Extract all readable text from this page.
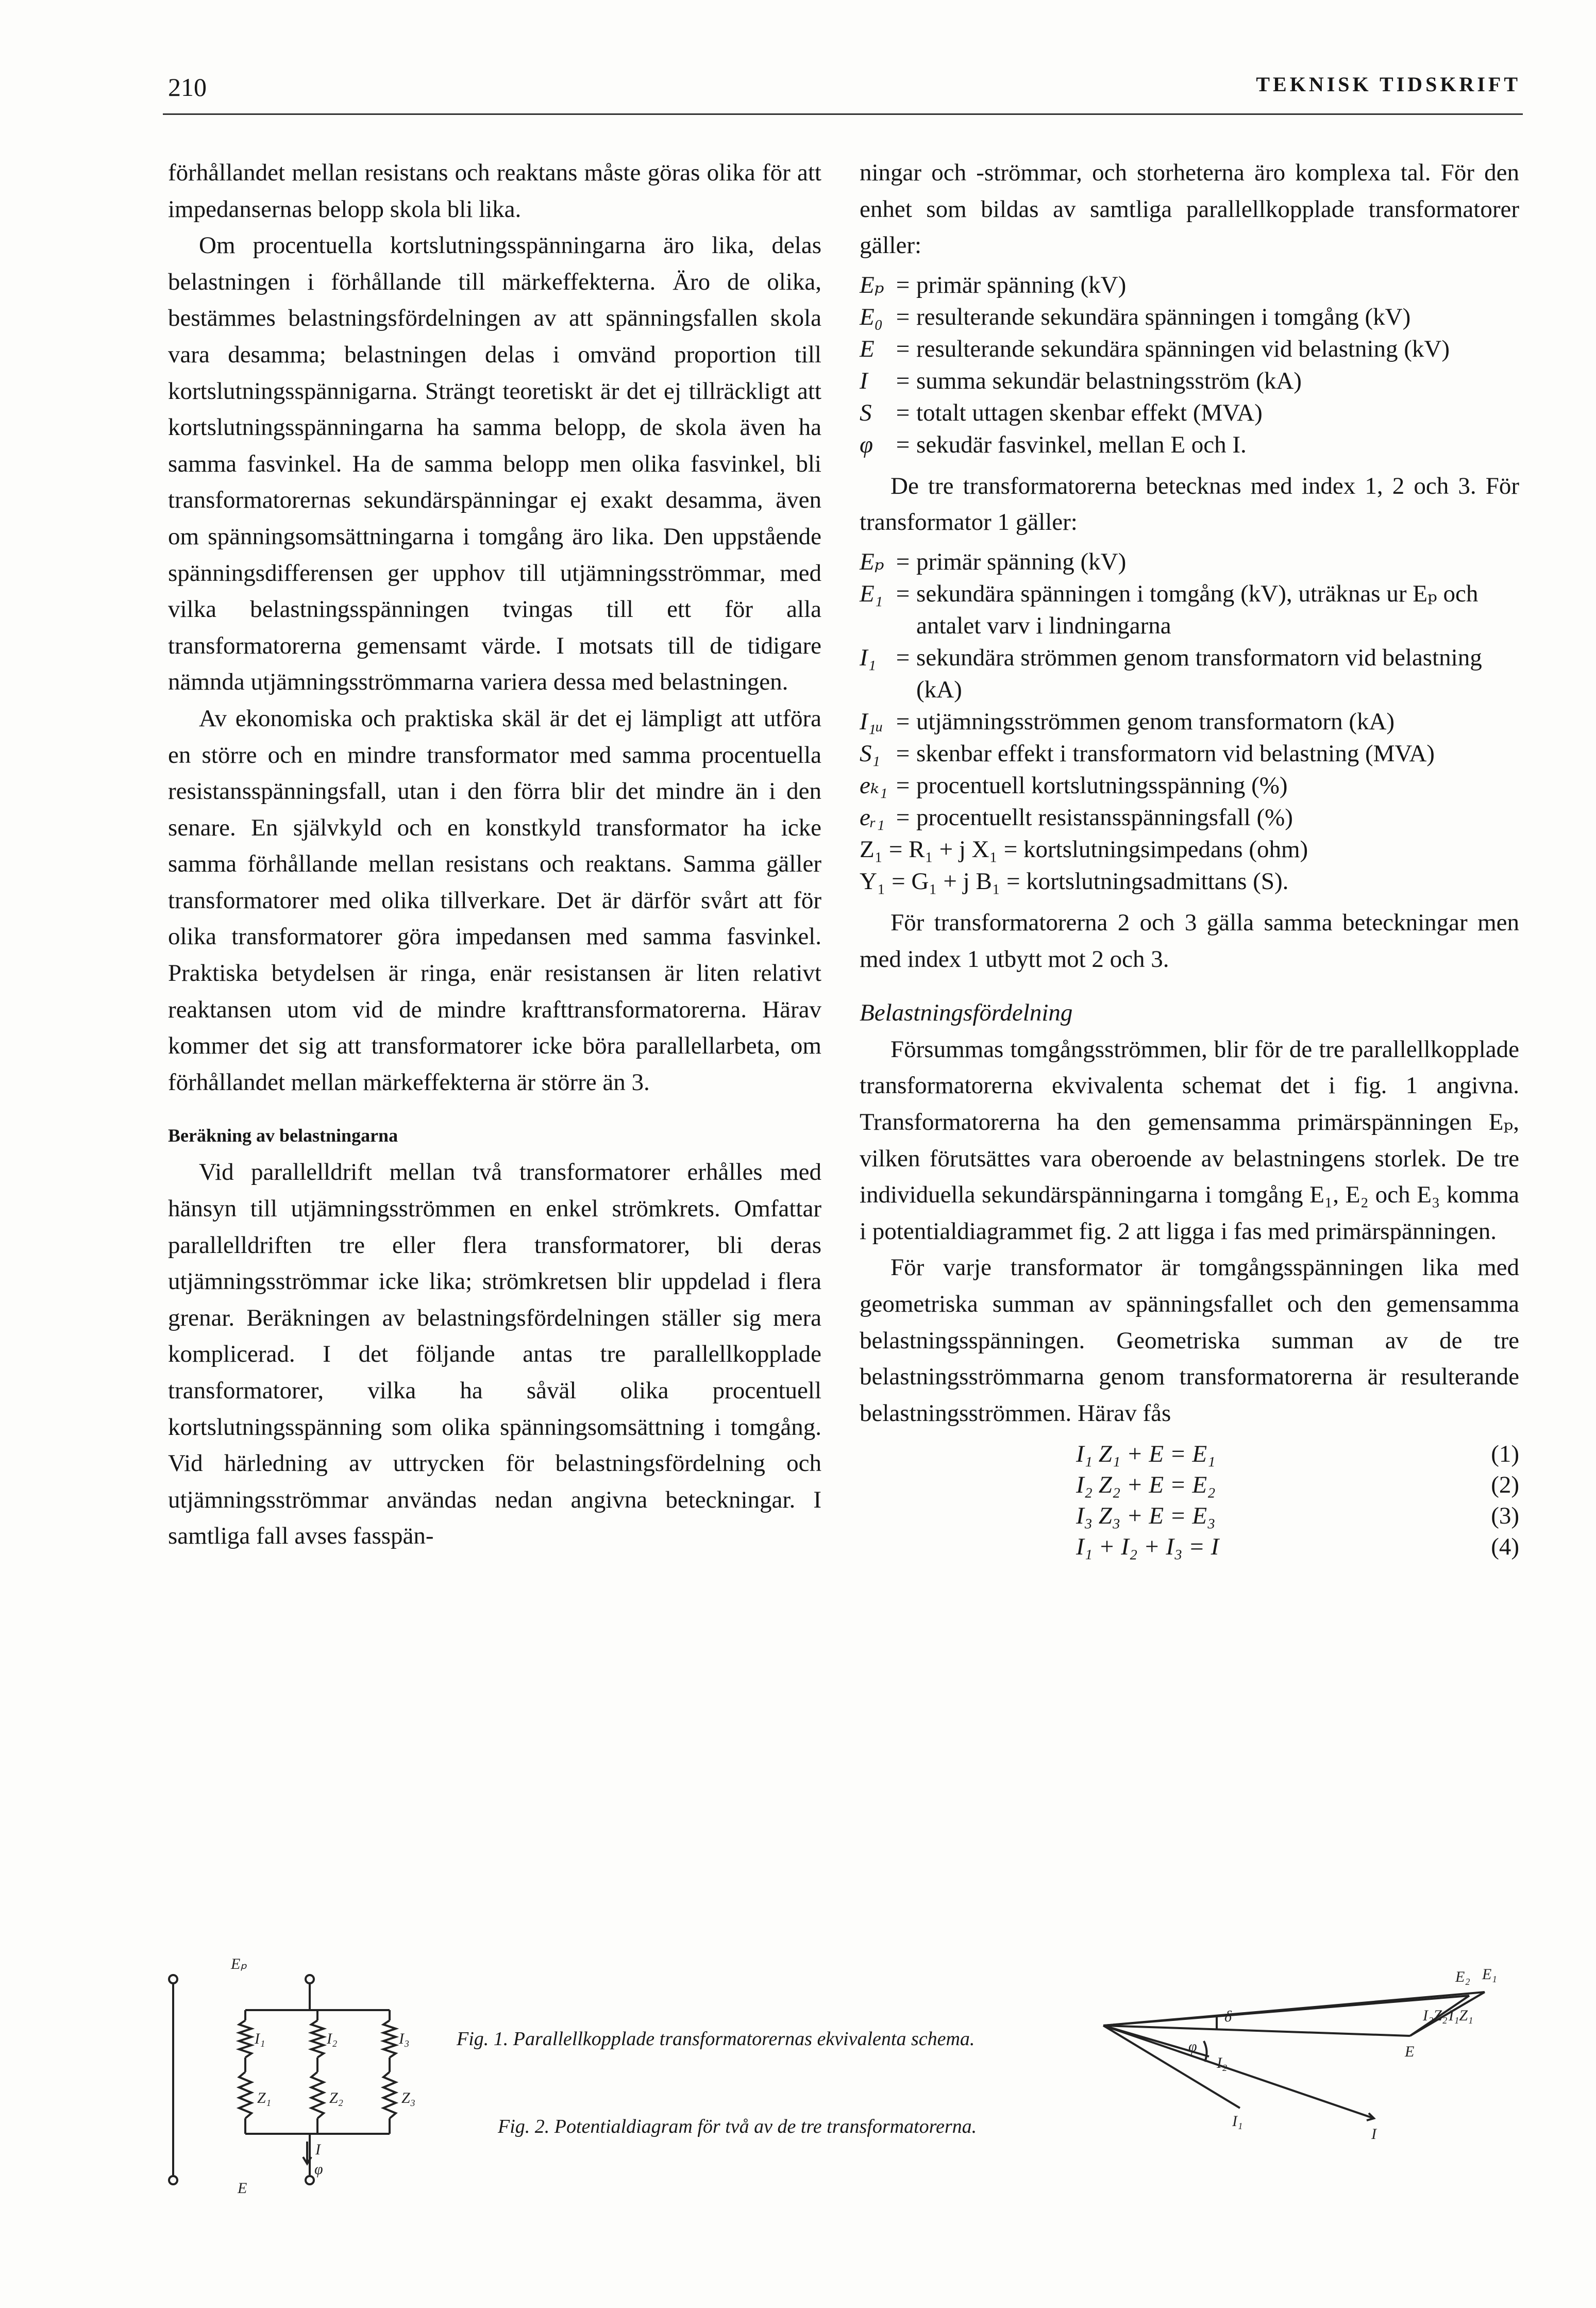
210	TEKNISK TIDSKRIFT

förhållandet mellan resistans och reaktans måste göras olika för att impedansernas belopp skola bli lika.

Om procentuella kortslutningsspänningarna äro lika, delas belastningen i förhållande till märkeffekterna. Äro de olika, bestämmes belastningsfördelningen av att spänningsfallen skola vara desamma; belastningen delas i omvänd proportion till kortslutningsspännigarna. Strängt teoretiskt är det ej tillräckligt att kortslutningsspänningarna ha samma belopp, de skola även ha samma fasvinkel. Ha de samma belopp men olika fasvinkel, bli transformatorernas sekundärspänningar ej exakt desamma, även om spänningsomsättningarna i tomgång äro lika. Den uppstående spänningsdifferensen ger upphov till utjämningsströmmar, med vilka belastningsspänningen tvingas till ett för alla transformatorerna gemensamt värde. I motsats till de tidigare nämnda utjämningsströmmarna variera dessa med belastningen.

Av ekonomiska och praktiska skäl är det ej lämpligt att utföra en större och en mindre transformator med samma procentuella resistansspänningsfall, utan i den förra blir det mindre än i den senare. En självkyld och en konstkyld transformator ha icke samma förhållande mellan resistans och reaktans. Samma gäller transformatorer med olika tillverkare. Det är därför svårt att för olika transformatorer göra impedansen med samma fasvinkel. Praktiska betydelsen är ringa, enär resistansen är liten relativt reaktansen utom vid de mindre krafttransformatorerna. Härav kommer det sig att transformatorer icke böra parallellarbeta, om förhållandet mellan märkeffekterna är större än 3.

Beräkning av belastningarna

Vid parallelldrift mellan två transformatorer erhålles med hänsyn till utjämningsströmmen en enkel strömkrets. Omfattar parallelldriften tre eller flera transformatorer, bli deras utjämningsströmmar icke lika; strömkretsen blir uppdelad i flera grenar. Beräkningen av belastningsfördelningen ställer sig mera komplicerad. I det följande antas tre parallellkopplade transformatorer, vilka ha såväl olika procentuell kortslutningsspänning som olika spänningsomsättning i tomgång. Vid härledning av uttrycken för belastningsfördelning och utjämningsströmmar användas nedan angivna beteckningar. I samtliga fall avses fasspän-

ningar och -strömmar, och storheterna äro komplexa tal. För den enhet som bildas av samtliga parallellkopplade transformatorer gäller:

Eₚ = primär spänning (kV)
E₀ = resulterande sekundära spänningen i tomgång (kV)
E = resulterande sekundära spänningen vid belastning (kV)
I	= summa sekundär belastningsström (kA)
S	= totalt uttagen skenbar effekt (MVA)
φ = sekudär fasvinkel, mellan E och I.

De tre transformatorerna betecknas med index 1, 2 och 3. För transformator 1 gäller:

Eₚ = primär spänning (kV)
E₁ = sekundära spänningen i tomgång (kV), uträknas ur Eₚ och antalet varv i lindningarna
I₁ = sekundära strömmen genom transformatorn vid belastning (kA)
I₁ᵤ = utjämningsströmmen genom transformatorn (kA)
S₁ = skenbar effekt i transformatorn vid belastning (MVA)
eₖ₁ = procentuell kortslutningsspänning (%)
eᵣ₁ = procentuellt resistansspänningsfall (%)
Z₁ = R₁ + j X₁ = kortslutningsimpedans (ohm)
Y₁ = G₁ + j B₁ = kortslutningsadmittans (S).

För transformatorerna 2 och 3 gälla samma beteckningar men med index 1 utbytt mot 2 och 3.

Belastningsfördelning

Försummas tomgångsströmmen, blir för de tre parallellkopplade transformatorerna ekvivalenta schemat det i fig. 1 angivna. Transformatorerna ha den gemensamma primärspänningen Eₚ, vilken förutsättes vara oberoende av belastningens storlek. De tre individuella sekundärspänningarna i tomgång E₁, E₂ och E₃ komma i potentialdiagrammet fig. 2 att ligga i fas med primärspänningen.

För varje transformator är tomgångsspänningen lika med geometriska summan av spänningsfallet och den gemensamma belastningsspänningen. Geometriska summan av de tre belastningsströmmarna genom transformatorerna är resulterande belastningsströmmen. Härav fås

I₁ Z₁ + E = E₁	(1)
I₂ Z₂ + E = E₂	(2)
I₃ Z₃ + E = E₃	(3)
I₁ + I₂ + I₃ = I	(4)
Eₚ
E
I₁	I₂	I₃
Z₁	Z₂	Z₃
I
φ
E₂ E₁
E
δ
φ
I₂
I₁
I
I₁Z₁
I₂Z₂
Fig. 1. Parallellkopplade transformatorernas ekvivalenta schema.
Fig. 2. Potentialdiagram för två av de tre transformatorerna.
